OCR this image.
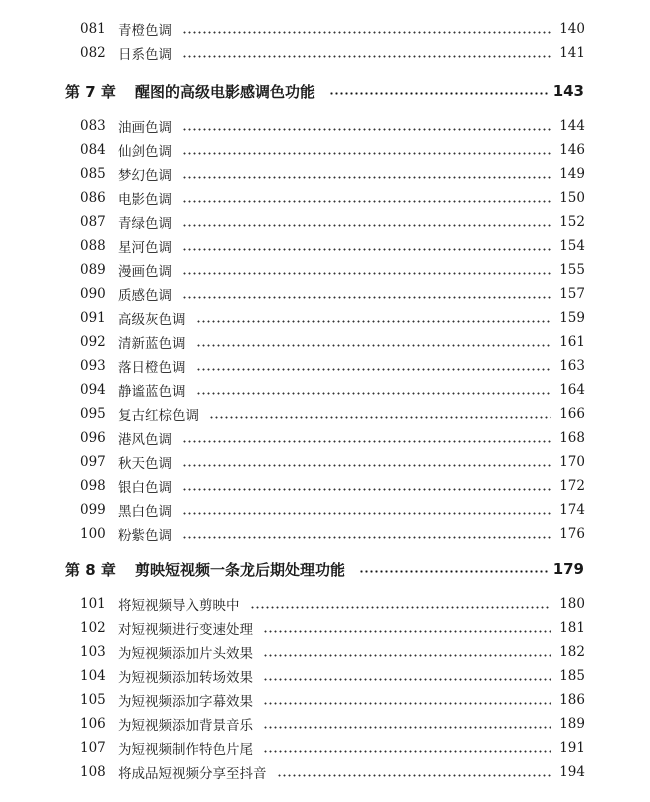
081 青橙色调	140
082 日系色调	141
第 7 章	醒图的高级电影感调色功能	143
083 油画色调	144
084 仙剑色调	146
085 梦幻色调	149
086 电影色调	150
087 青绿色调	152
088 星河色调	154
089 漫画色调	155
090 质感色调	157
091 高级灰色调	159
092 清新蓝色调	161
093 落日橙色调	163
094 静谧蓝色调	164
095 复古红棕色调	166
096 港风色调	168
097 秋天色调	170
098 银白色调	172
099 黑白色调	174
100 粉紫色调	176
第 8 章	剪映短视频一条龙后期处理功能	179
101 将短视频导入剪映中	180
102 对短视频进行变速处理	181
103 为短视频添加片头效果	182
104 为短视频添加转场效果	185
105 为短视频添加字幕效果	186
106 为短视频添加背景音乐	189
107 为短视频制作特色片尾	191
108 将成品短视频分享至抖音	194
